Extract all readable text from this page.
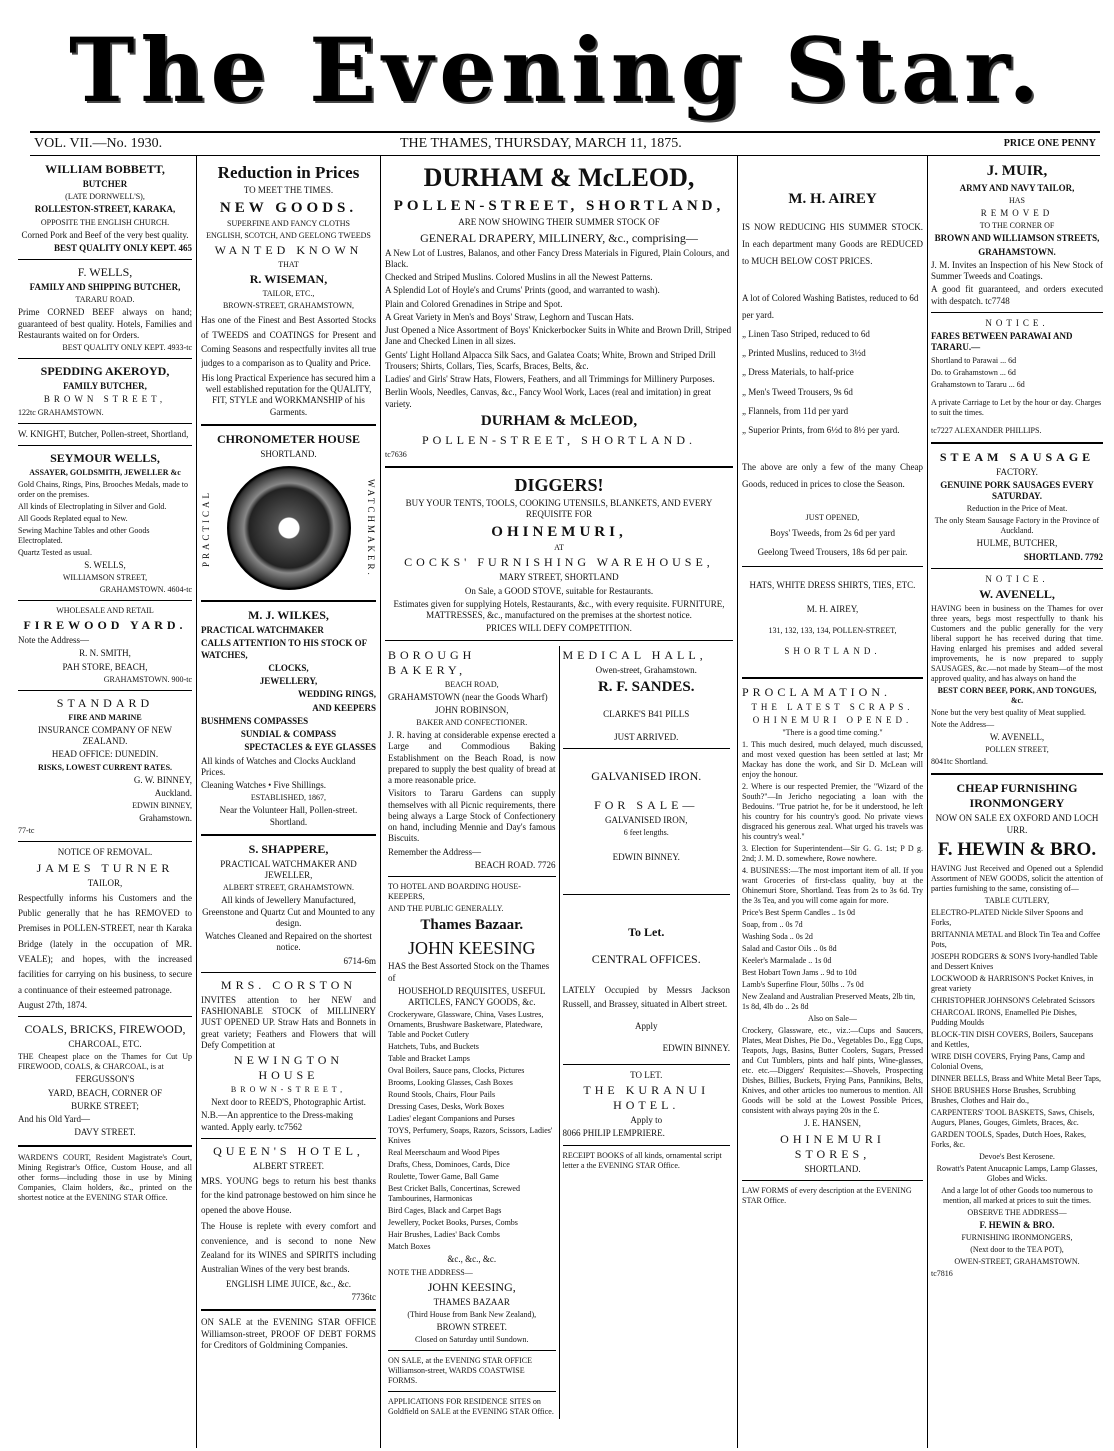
The Evening Star.
VOL. VII.—No. 1930.	THE THAMES, THURSDAY, MARCH 11, 1875.	PRICE ONE PENNY

WILLIAM BOBBETT,

BUTCHER

(LATE DORNWELL'S),

ROLLESTON-STREET, KARAKA,

OPPOSITE THE ENGLISH CHURCH.

Corned Pork and Beef of the very best quality.

BEST QUALITY ONLY KEPT. 465

F. WELLS,

FAMILY AND SHIPPING BUTCHER,

TARARU ROAD.

Prime CORNED BEEF always on hand; guaranteed of best quality. Hotels, Families and Restaurants waited on for Orders.

BEST QUALITY ONLY KEPT. 4933-tc

SPEDDING AKEROYD,

FAMILY BUTCHER,

BROWN STREET,

122tc GRAHAMSTOWN.

W. KNIGHT, Butcher, Pollen-street, Shortland,

SEYMOUR WELLS,

ASSAYER, GOLDSMITH, JEWELLER &c

Gold Chains, Rings, Pins, Brooches Medals, made to order on the premises.

All kinds of Electroplating in Silver and Gold.

All Goods Replated equal to New.

Sewing Machine Tables and other Goods Electroplated.

Quartz Tested as usual.

S. WELLS,

WILLIAMSON STREET,

GRAHAMSTOWN. 4604-tc

WHOLESALE AND RETAIL

FIREWOOD YARD.

Note the Address—

R. N. SMITH,

PAH STORE, BEACH,

GRAHAMSTOWN. 900-tc

STANDARD

FIRE AND MARINE

INSURANCE COMPANY OF NEW ZEALAND.

HEAD OFFICE: DUNEDIN.

RISKS, LOWEST CURRENT RATES.

G. W. BINNEY,

Auckland.

EDWIN BINNEY,

Grahamstown.

77-tc

NOTICE OF REMOVAL.

JAMES TURNER

TAILOR,

Respectfully informs his Customers and the Public generally that he has REMOVED to Premises in POLLEN-STREET, near th Karaka Bridge (lately in the occupation of MR. VEALE); and hopes, with the increased facilities for carrying on his business, to secure a continuance of their esteemed patronage.

August 27th, 1874.

COALS, BRICKS, FIREWOOD,

CHARCOAL, ETC.

THE Cheapest place on the Thames for Cut Up FIREWOOD, COALS, & CHARCOAL, is at

FERGUSSON'S

YARD, BEACH, CORNER OF

BURKE STREET;

And his Old Yard—

DAVY STREET.

WARDEN'S COURT, Resident Magistrate's Court, Mining Registrar's Office, Custom House, and all other forms—including those in use by Mining Companies, Claim holders, &c., printed on the shortest notice at the EVENING STAR Office.

Reduction in Prices

TO MEET THE TIMES.

NEW GOODS.

SUPERFINE AND FANCY CLOTHS

ENGLISH, SCOTCH, AND GEELONG TWEEDS

WANTED KNOWN

THAT

R. WISEMAN,

TAILOR, ETC.,

BROWN-STREET, GRAHAMSTOWN,

Has one of the Finest and Best Assorted Stocks of TWEEDS and COATINGS for Present and Coming Seasons and respectfully invites all true judges to a comparison as to Quality and Price.

His long Practical Experience has secured him a well established reputation for the QUALITY, FIT, STYLE and WORKMANSHIP of his Garments.

CHRONOMETER HOUSE

SHORTLAND.

PRACTICAL	WATCHMAKER.

M. J. WILKES,

PRACTICAL WATCHMAKER

CALLS ATTENTION TO HIS STOCK OF WATCHES,

CLOCKS,

JEWELLERY,

WEDDING RINGS,

AND KEEPERS

BUSHMENS COMPASSES

SUNDIAL & COMPASS

SPECTACLES & EYE GLASSES

All kinds of Watches and Clocks Auckland Prices.

Cleaning Watches • Five Shillings.

ESTABLISHED, 1867,

Near the Volunteer Hall, Pollen-street. Shortland.

S. SHAPPERE,

PRACTICAL WATCHMAKER AND JEWELLER,

ALBERT STREET, GRAHAMSTOWN.

All kinds of Jewellery Manufactured, Greenstone and Quartz Cut and Mounted to any design.

Watches Cleaned and Repaired on the shortest notice.

6714-6m

MRS. CORSTON

INVITES attention to her NEW and FASHIONABLE STOCK of MILLINERY JUST OPENED UP. Straw Hats and Bonnets in great variety; Feathers and Flowers that will Defy Competition at

NEWINGTON HOUSE

BROWN-STREET,

Next door to REED'S, Photographic Artist.

N.B.—An apprentice to the Dress-making wanted. Apply early. tc7562

QUEEN'S HOTEL,

ALBERT STREET.

MRS. YOUNG begs to return his best thanks for the kind patronage bestowed on him since he opened the above House.

The House is replete with every comfort and convenience, and is second to none New Zealand for its WINES and SPIRITS including Australian Wines of the very best brands.

ENGLISH LIME JUICE, &c., &c.

7736tc

ON SALE at the EVENING STAR OFFICE Williamson-street, PROOF OF DEBT FORMS for Creditors of Goldmining Companies.

DURHAM & McLEOD,

POLLEN-STREET, SHORTLAND,

ARE NOW SHOWING THEIR SUMMER STOCK OF

GENERAL DRAPERY, MILLINERY, &c., comprising—

A New Lot of Lustres, Balanos, and other Fancy Dress Materials in Figured, Plain Colours, and Black.

Checked and Striped Muslins. Colored Muslins in all the Newest Patterns.

A Splendid Lot of Hoyle's and Crums' Prints (good, and warranted to wash).

Plain and Colored Grenadines in Stripe and Spot.

A Great Variety in Men's and Boys' Straw, Leghorn and Tuscan Hats.

Just Opened a Nice Assortment of Boys' Knickerbocker Suits in White and Brown Drill, Striped Jane and Checked Linen in all sizes.

Gents' Light Holland Alpacca Silk Sacs, and Galatea Coats; White, Brown and Striped Drill Trousers; Shirts, Collars, Ties, Scarfs, Braces, Belts, &c.

Ladies' and Girls' Straw Hats, Flowers, Feathers, and all Trimmings for Millinery Purposes.

Berlin Wools, Needles, Canvas, &c., Fancy Wool Work, Laces (real and imitation) in great variety.

DURHAM & McLEOD,

POLLEN-STREET, SHORTLAND.

tc7636

DIGGERS!

BUY YOUR TENTS, TOOLS, COOKING UTENSILS, BLANKETS, AND EVERY REQUISITE FOR

OHINEMURI,

AT

COCKS' FURNISHING WAREHOUSE,

MARY STREET, SHORTLAND

On Sale, a GOOD STOVE, suitable for Restaurants.

Estimates given for supplying Hotels, Restaurants, &c., with every requisite. FURNITURE, MATTRESSES, &c., manufactured on the premises at the shortest notice.

PRICES WILL DEFY COMPETITION.

BOROUGH BAKERY,

BEACH ROAD,

GRAHAMSTOWN (near the Goods Wharf)

JOHN ROBINSON,

BAKER AND CONFECTIONER.

J. R. having at considerable expense erected a Large and Commodious Baking Establishment on the Beach Road, is now prepared to supply the best quality of bread at a more reasonable price.

Visitors to Tararu Gardens can supply themselves with all Picnic requirements, there being always a Large Stock of Confectionery on hand, including Mennie and Day's famous Biscuits.

Remember the Address—

BEACH ROAD. 7726

TO HOTEL AND BOARDING HOUSE-KEEPERS,

AND THE PUBLIC GENERALLY.

Thames Bazaar.

JOHN KEESING

HAS the Best Assorted Stock on the Thames of

HOUSEHOLD REQUISITES, USEFUL ARTICLES, FANCY GOODS, &c.

Crockeryware, Glassware, China, Vases Lustres, Ornaments, Brushware Basketware, Platedware, Table and Pocket Cutlery

Hatchets, Tubs, and Buckets

Table and Bracket Lamps

Oval Boilers, Sauce pans, Clocks, Pictures

Brooms, Looking Glasses, Cash Boxes

Round Stools, Chairs, Flour Pails

Dressing Cases, Desks, Work Boxes

Ladies' elegant Companions and Purses

TOYS, Perfumery, Soaps, Razors, Scissors, Ladies' Knives

Real Meerschaum and Wood Pipes

Drafts, Chess, Dominoes, Cards, Dice

Roulette, Tower Game, Ball Game

Best Cricket Balls, Concertinas, Screwed Tambourines, Harmonicas

Bird Cages, Black and Carpet Bags

Jewellery, Pocket Books, Purses, Combs

Hair Brushes, Ladies' Back Combs

Match Boxes

&c., &c., &c.

NOTE THE ADDRESS—

JOHN KEESING,

THAMES BAZAAR

(Third House from Bank New Zealand),

BROWN STREET.

Closed on Saturday until Sundown.

ON SALE, at the EVENING STAR OFFICE Williamson-street, WARDS COASTWISE FORMS.

APPLICATIONS FOR RESIDENCE SITES on Goldfield on SALE at the EVENING STAR Office.

MEDICAL HALL,

Owen-street, Grahamstown.

R. F. SANDES.

CLARKE'S B41 PILLS

JUST ARRIVED.

GALVANISED IRON.

FOR SALE—

GALVANISED IRON,

6 feet lengths.

EDWIN BINNEY.

To Let.

CENTRAL OFFICES.

LATELY Occupied by Messrs Jackson Russell, and Brassey, situated in Albert street.

Apply

EDWIN BINNEY.

TO LET.

THE KURANUI HOTEL.

Apply to

8066 PHILIP LEMPRIERE.

RECEIPT BOOKS of all kinds, ornamental script letter a the EVENING STAR Office.

M. H. AIREY

IS NOW REDUCING HIS SUMMER STOCK. In each department many Goods are REDUCED to MUCH BELOW COST PRICES.

A lot of Colored Washing Batistes, reduced to 6d per yard.

„ Linen Taso Striped, reduced to 6d

„ Printed Muslins, reduced to 3½d

„ Dress Materials, to half-price

„ Men's Tweed Trousers, 9s 6d

„ Flannels, from 11d per yard

„ Superior Prints, from 6½d to 8½ per yard.

The above are only a few of the many Cheap Goods, reduced in prices to close the Season.

JUST OPENED,

Boys' Tweeds, from 2s 6d per yard

Geelong Tweed Trousers, 18s 6d per pair.

HATS, WHITE DRESS SHIRTS, TIES, ETC.

M. H. AIREY,

131, 132, 133, 134, POLLEN-STREET,

SHORTLAND.

PROCLAMATION.

THE LATEST SCRAPS.

OHINEMURI OPENED.

"There is a good time coming."

1. This much desired, much delayed, much discussed, and most vexed question has been settled at last; Mr Mackay has done the work, and Sir D. McLean will enjoy the honour.

2. Where is our respected Premier, the "Wizard of the South?"—In Jericho negociating a loan with the Bedouins. "True patriot he, for be it understood, he left his country for his country's good. No private views disgraced his generous zeal. What urged his travels was his country's weal."

3. Election for Superintendent—Sir G. G. 1st; P D g. 2nd; J. M. D. somewhere, Rowe nowhere.

4. BUSINESS:—The most important item of all. If you want Groceries of first-class quality, buy at the Ohinemuri Store, Shortland. Teas from 2s to 3s 6d. Try the 3s Tea, and you will come again for more.

Price's Best Sperm Candles .. 1s 0d

Soap, from .. 0s 7d

Washing Soda .. 0s 2d

Salad and Castor Oils .. 0s 8d

Keeler's Marmalade .. 1s 0d

Best Hobart Town Jams .. 9d to 10d

Lamb's Superfine Flour, 50lbs .. 7s 0d

New Zealand and Australian Preserved Meats, 2lb tin, 1s 8d, 4lb do .. 2s 8d

Also on Sale—

Crockery, Glassware, etc., viz.:—Cups and Saucers, Plates, Meat Dishes, Pie Do., Vegetables Do., Egg Cups, Teapots, Jugs, Basins, Butter Coolers, Sugars, Pressed and Cut Tumblers, pints and half pints, Wine-glasses, etc. etc.—Diggers' Requisites:—Shovels, Prospecting Dishes, Billies, Buckets, Frying Pans, Pannikins, Belts, Knives, and other articles too numerous to mention. All Goods will be sold at the Lowest Possible Prices, consistent with always paying 20s in the £.

J. E. HANSEN,

OHINEMURI STORES,

SHORTLAND.

LAW FORMS of every description at the EVENING STAR Office.

J. MUIR,

ARMY AND NAVY TAILOR,

HAS

REMOVED

TO THE CORNER OF

BROWN AND WILLIAMSON STREETS,

GRAHAMSTOWN.

J. M. Invites an Inspection of his New Stock of Summer Tweeds and Coatings.

A good fit guaranteed, and orders executed with despatch. tc7748

NOTICE.

FARES BETWEEN PARAWAI AND TARARU.—

Shortland to Parawai ... 6d

Do. to Grahamstown ... 6d

Grahamstown to Tararu ... 6d

A private Carriage to Let by the hour or day. Charges to suit the times.

tc7227 ALEXANDER PHILLIPS.

STEAM SAUSAGE

FACTORY.

GENUINE PORK SAUSAGES EVERY SATURDAY.

Reduction in the Price of Meat.

The only Steam Sausage Factory in the Province of Auckland.

HULME, BUTCHER,

SHORTLAND. 7792

NOTICE.

W. AVENELL,

HAVING been in business on the Thames for over three years, begs most respectfully to thank his Customers and the public generally for the very liberal support he has received during that time. Having enlarged his premises and added several improvements, he is now prepared to supply SAUSAGES, &c.—not made by Steam—of the most approved quality, and has always on hand the

BEST CORN BEEF, PORK, AND TONGUES, &c.

None but the very best quality of Meat supplied.

Note the Address—

W. AVENELL,

POLLEN STREET,

8041tc Shortland.

CHEAP FURNISHING IRONMONGERY

NOW ON SALE EX OXFORD AND LOCH URR.

F. HEWIN & BRO.

HAVING Just Received and Opened out a Splendid Assortment of NEW GOODS, solicit the attention of parties furnishing to the same, consisting of—

TABLE CUTLERY,

ELECTRO-PLATED Nickle Silver Spoons and Forks,

BRITANNIA METAL and Block Tin Tea and Coffee Pots,

JOSEPH RODGERS & SON'S Ivory-handled Table and Dessert Knives

LOCKWOOD & HARRISON'S Pocket Knives, in great variety

CHRISTOPHER JOHNSON'S Celebrated Scissors

CHARCOAL IRONS, Enamelled Pie Dishes, Pudding Moulds

BLOCK-TIN DISH COVERS, Boilers, Saucepans and Kettles,

WIRE DISH COVERS, Frying Pans, Camp and Colonial Ovens,

DINNER BELLS, Brass and White Metal Beer Taps,

SHOE BRUSHES Horse Brushes, Scrubbing Brushes, Clothes and Hair do.,

CARPENTERS' TOOL BASKETS, Saws, Chisels, Augurs, Planes, Gouges, Gimlets, Braces, &c.

GARDEN TOOLS, Spades, Dutch Hoes, Rakes, Forks, &c.

Devoe's Best Kerosene.

Rowatt's Patent Anucapnic Lamps, Lamp Glasses, Globes and Wicks.

And a large lot of other Goods too numerous to mention, all marked at prices to suit the times.

OBSERVE THE ADDRESS—

F. HEWIN & BRO.

FURNISHING IRONMONGERS,

(Next door to the TEA POT),

OWEN-STREET, GRAHAMSTOWN.

tc7816
